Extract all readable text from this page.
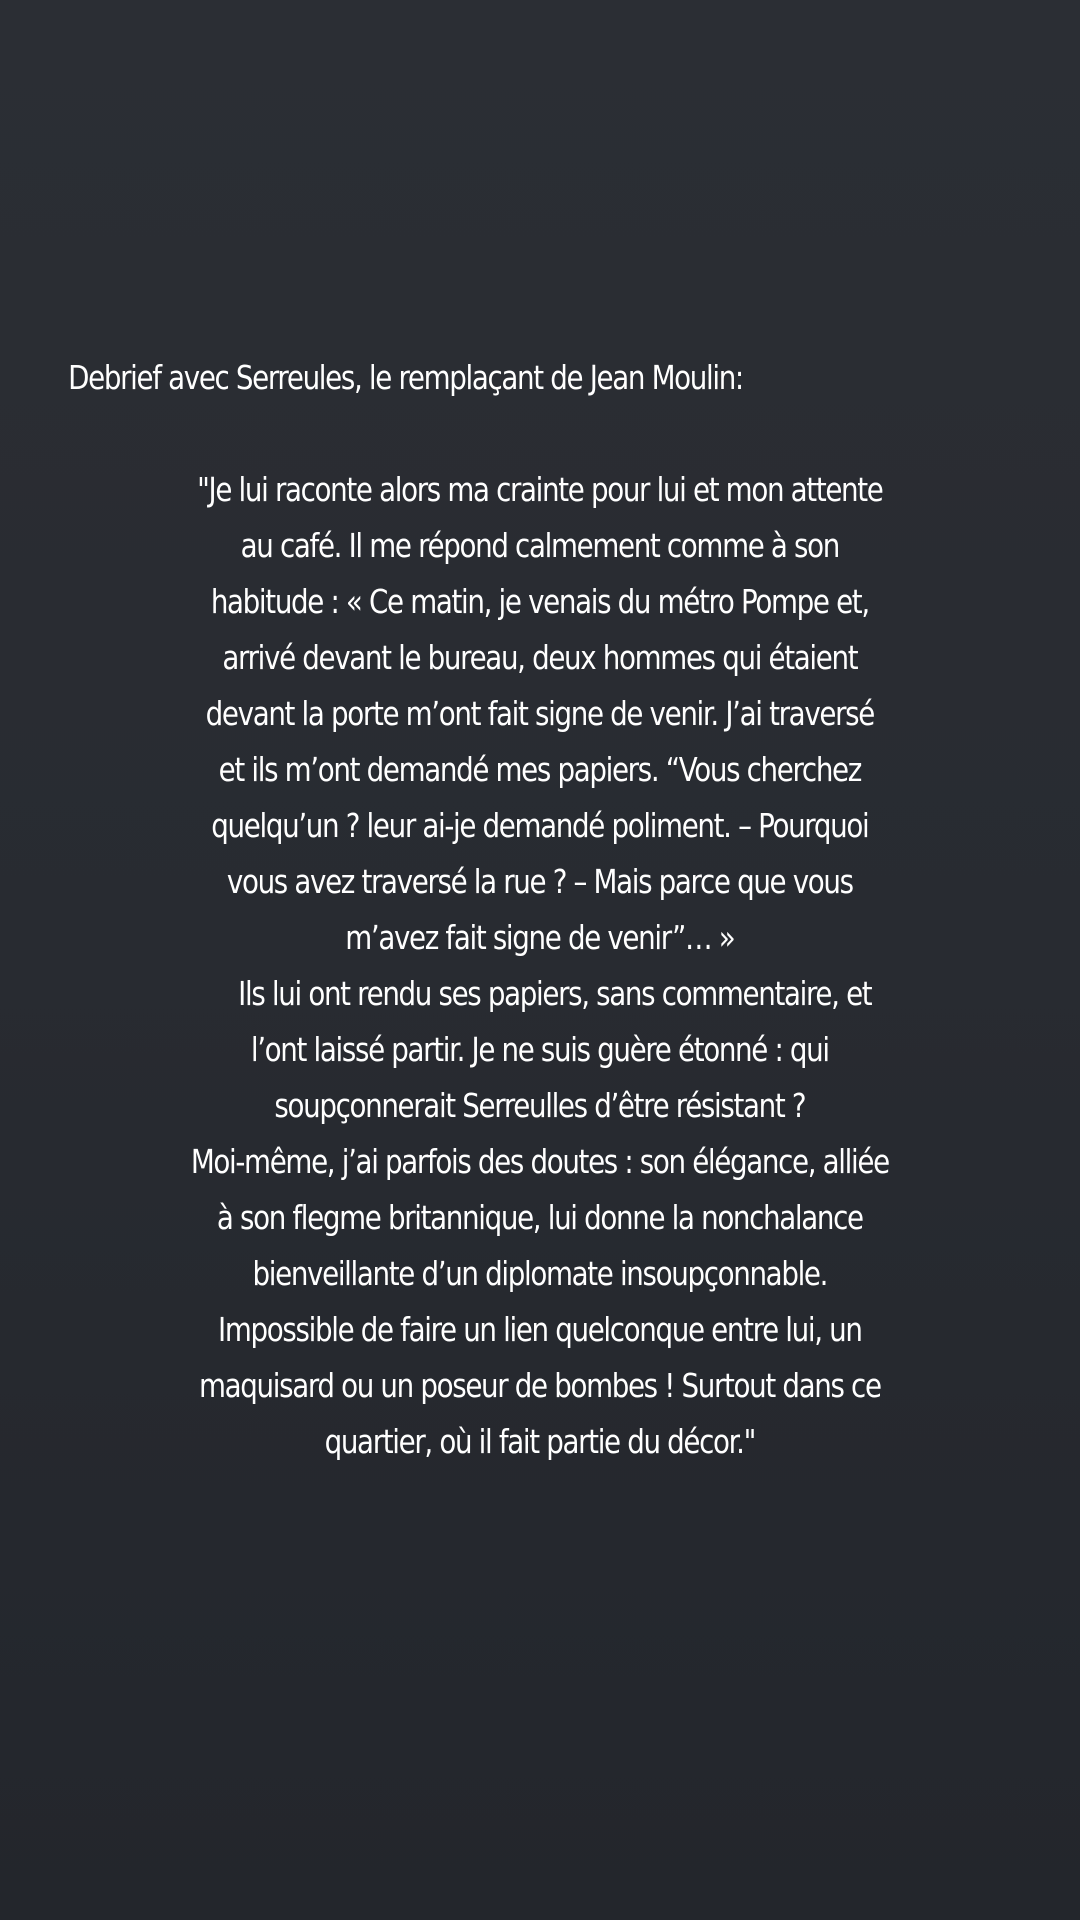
Debrief avec Serreules, le remplaçant de Jean Moulin:
"Je lui raconte alors ma crainte pour lui et mon attente
au café. Il me répond calmement comme à son
habitude : « Ce matin, je venais du métro Pompe et,
arrivé devant le bureau, deux hommes qui étaient
devant la porte m’ont fait signe de venir. J’ai traversé
et ils m’ont demandé mes papiers. “Vous cherchez
quelqu’un ? leur ai-je demandé poliment. – Pourquoi
vous avez traversé la rue ? – Mais parce que vous
m’avez fait signe de venir”… »
Ils lui ont rendu ses papiers, sans commentaire, et
l’ont laissé partir. Je ne suis guère étonné : qui
soupçonnerait Serreulles d’être résistant ?
Moi-même, j’ai parfois des doutes : son élégance, alliée
à son flegme britannique, lui donne la nonchalance
bienveillante d’un diplomate insoupçonnable.
Impossible de faire un lien quelconque entre lui, un
maquisard ou un poseur de bombes ! Surtout dans ce
quartier, où il fait partie du décor."
